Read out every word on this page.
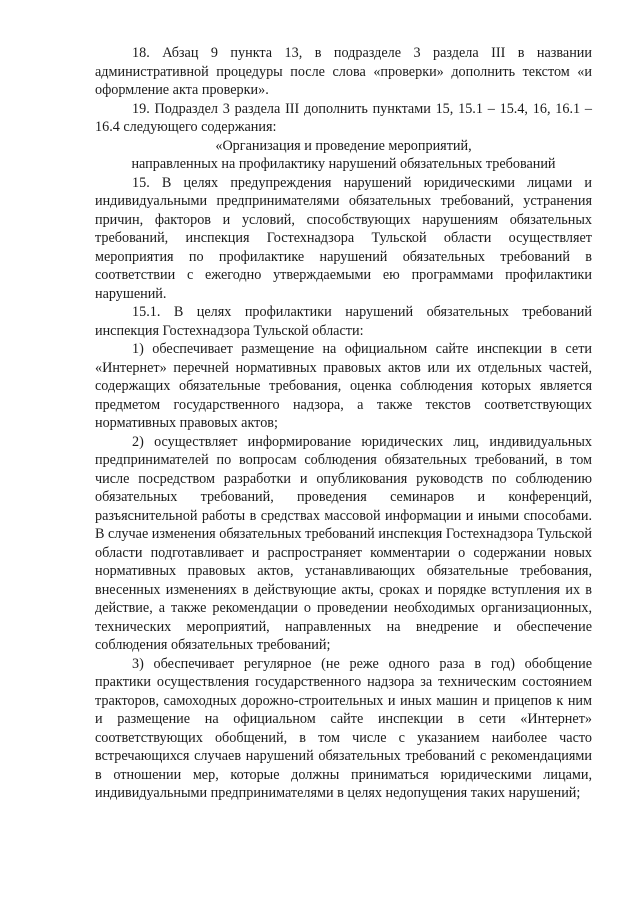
18. Абзац 9 пункта 13, в подразделе 3 раздела III в названии административной процедуры после слова «проверки» дополнить текстом «и оформление акта проверки».

19. Подраздел 3 раздела III дополнить пунктами 15, 15.1 – 15.4, 16, 16.1 – 16.4 следующего содержания:

«Организация и проведение мероприятий,

направленных на профилактику нарушений обязательных требований

15. В целях предупреждения нарушений юридическими лицами и индивидуальными предпринимателями обязательных требований, устранения причин, факторов и условий, способствующих нарушениям обязательных требований, инспекция Гостехнадзора Тульской области осуществляет мероприятия по профилактике нарушений обязательных требований в соответствии с ежегодно утверждаемыми ею программами профилактики нарушений.

15.1. В целях профилактики нарушений обязательных требований инспекция Гостехнадзора Тульской области:

1) обеспечивает размещение на официальном сайте инспекции в сети «Интернет» перечней нормативных правовых актов или их отдельных частей, содержащих обязательные требования, оценка соблюдения которых является предметом государственного надзора, а также текстов соответствующих нормативных правовых актов;

2) осуществляет информирование юридических лиц, индивидуальных предпринимателей по вопросам соблюдения обязательных требований, в том числе посредством разработки и опубликования руководств по соблюдению обязательных требований, проведения семинаров и конференций, разъяснительной работы в средствах массовой информации и иными способами. В случае изменения обязательных требований инспекция Гостехнадзора Тульской области подготавливает и распространяет комментарии о содержании новых нормативных правовых актов, устанавливающих обязательные требования, внесенных изменениях в действующие акты, сроках и порядке вступления их в действие, а также рекомендации о проведении необходимых организационных, технических мероприятий, направленных на внедрение и обеспечение соблюдения обязательных требований;

3) обеспечивает регулярное (не реже одного раза в год) обобщение практики осуществления государственного надзора за техническим состоянием тракторов, самоходных дорожно-строительных и иных машин и прицепов к ним и размещение на официальном сайте инспекции в сети «Интернет» соответствующих обобщений, в том числе с указанием наиболее часто встречающихся случаев нарушений обязательных требований с рекомендациями в отношении мер, которые должны приниматься юридическими лицами, индивидуальными предпринимателями в целях недопущения таких нарушений;
